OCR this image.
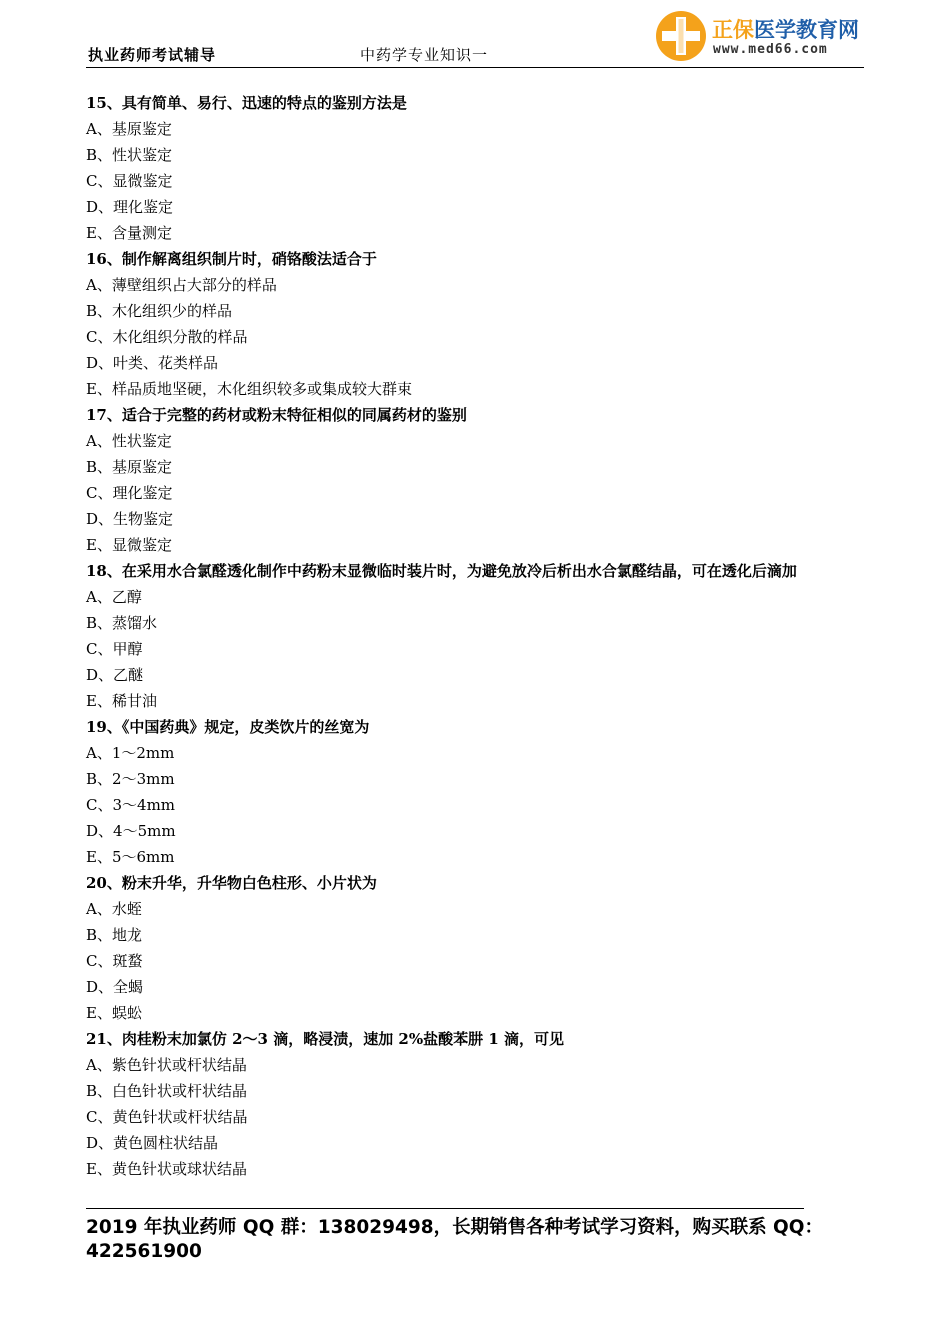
执业药师考试辅导	中药学专业知识一
正保医学教育网
www.med66.com
15、具有简单、易行、迅速的特点的鉴别方法是
A、基原鉴定
B、性状鉴定
C、显微鉴定
D、理化鉴定
E、含量测定
16、制作解离组织制片时，硝铬酸法适合于
A、薄壁组织占大部分的样品
B、木化组织少的样品
C、木化组织分散的样品
D、叶类、花类样品
E、样品质地坚硬，木化组织较多或集成较大群束
17、适合于完整的药材或粉末特征相似的同属药材的鉴别
A、性状鉴定
B、基原鉴定
C、理化鉴定
D、生物鉴定
E、显微鉴定
18、在采用水合氯醛透化制作中药粉末显微临时装片时，为避免放冷后析出水合氯醛结晶，可在透化后滴加
A、乙醇
B、蒸馏水
C、甲醇
D、乙醚
E、稀甘油
19、《中国药典》规定，皮类饮片的丝宽为
A、1～2mm
B、2～3mm
C、3～4mm
D、4～5mm
E、5～6mm
20、粉末升华，升华物白色柱形、小片状为
A、水蛭
B、地龙
C、斑蝥
D、全蝎
E、蜈蚣
21、肉桂粉末加氯仿 2～3 滴，略浸渍，速加 2%盐酸苯肼 1 滴，可见
A、紫色针状或杆状结晶
B、白色针状或杆状结晶
C、黄色针状或杆状结晶
D、黄色圆柱状结晶
E、黄色针状或球状结晶
2019 年执业药师 QQ 群：138029498，长期销售各种考试学习资料，购买联系 QQ：
422561900
